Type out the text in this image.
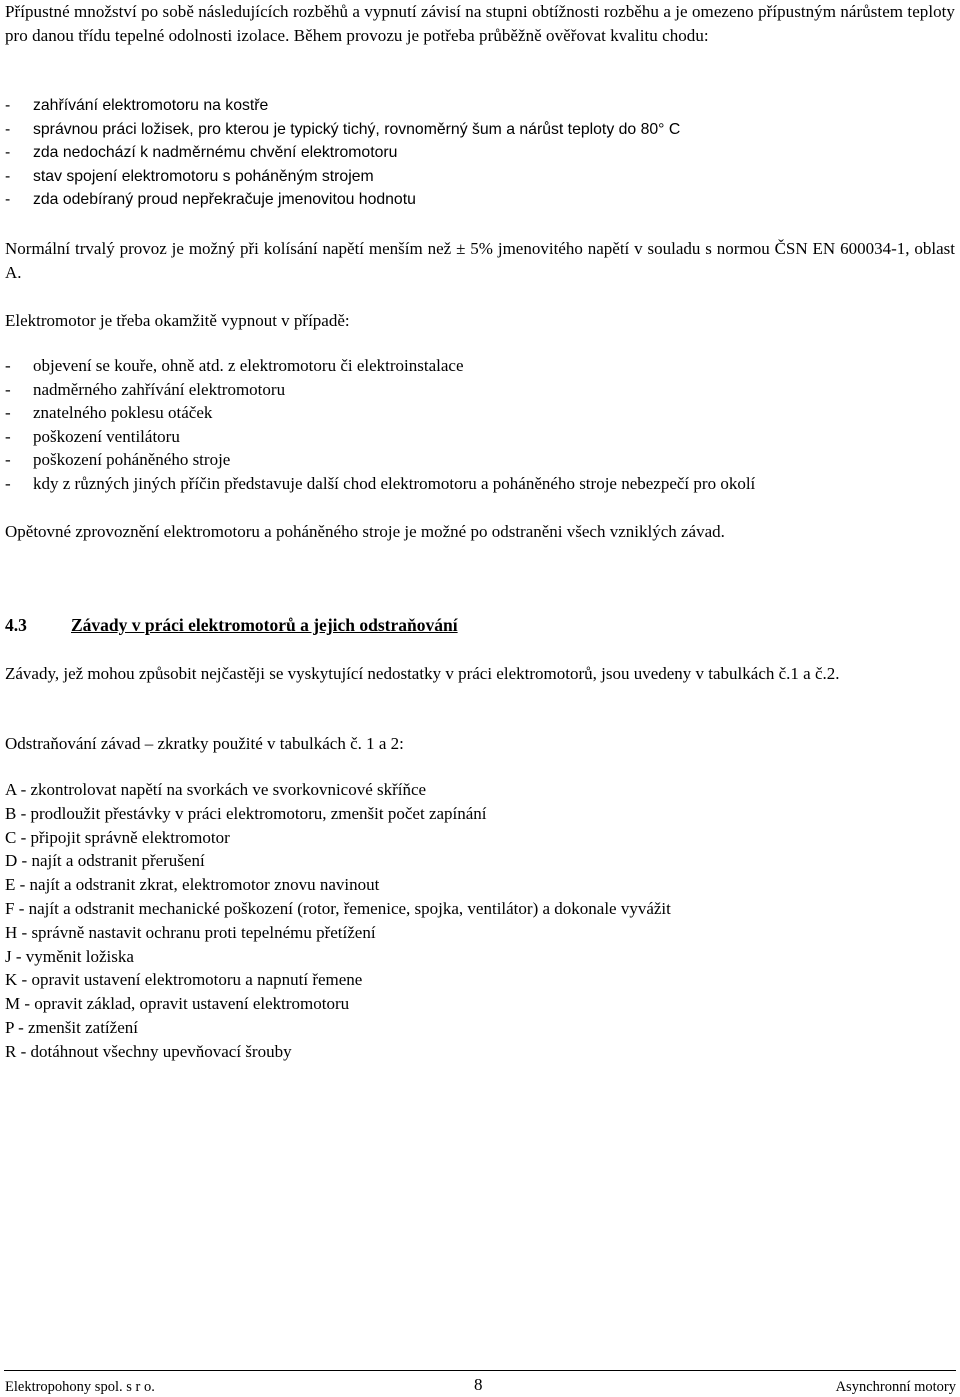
Přípustné množství po sobě následujících rozběhů a vypnutí závisí na stupni obtížnosti rozběhu a je omezeno přípustným nárůstem teploty pro danou třídu tepelné odolnosti izolace. Během provozu je potřeba průběžně ověřovat kvalitu chodu:

- zahřívání elektromotoru na kostře
- správnou práci ložisek, pro kterou je typický tichý, rovnoměrný šum a nárůst teploty do 80° C
- zda nedochází k nadměrnému chvění elektromotoru
- stav spojení elektromotoru s poháněným strojem
- zda odebíraný proud nepřekračuje jmenovitou hodnotu

Normální trvalý provoz je možný při kolísání napětí menším než ± 5% jmenovitého napětí v souladu s normou ČSN EN 600034-1, oblast A.

Elektromotor je třeba okamžitě vypnout v případě:

- objevení se kouře, ohně atd. z elektromotoru či elektroinstalace
- nadměrného zahřívání elektromotoru
- znatelného poklesu otáček
- poškození ventilátoru
- poškození poháněného stroje
- kdy z různých jiných příčin představuje další chod elektromotoru a poháněného stroje nebezpečí pro okolí

Opětovné zprovoznění elektromotoru a poháněného stroje je možné po odstraněni všech vzniklých závad.

4.3	Závady v práci elektromotorů a jejich odstraňování

Závady, jež mohou způsobit nejčastěji se vyskytující nedostatky v práci elektromotorů, jsou uvedeny v tabulkách č.1 a č.2.

Odstraňování závad – zkratky použité v tabulkách č. 1 a 2:

A - zkontrolovat napětí na svorkách ve svorkovnicové skříňce
B - prodloužit přestávky v práci elektromotoru, zmenšit počet zapínání
C - připojit správně elektromotor
D - najít a odstranit přerušení
E - najít a odstranit zkrat, elektromotor znovu navinout
F - najít a odstranit mechanické poškození (rotor, řemenice, spojka, ventilátor) a dokonale vyvážit
H - správně nastavit ochranu proti tepelnému přetížení
J - vyměnit ložiska
K - opravit ustavení elektromotoru a napnutí řemene
M - opravit základ, opravit ustavení elektromotoru
P - zmenšit zatížení
R - dotáhnout všechny upevňovací šrouby
Elektropohony spol. s r o.	8	Asynchronní motory
